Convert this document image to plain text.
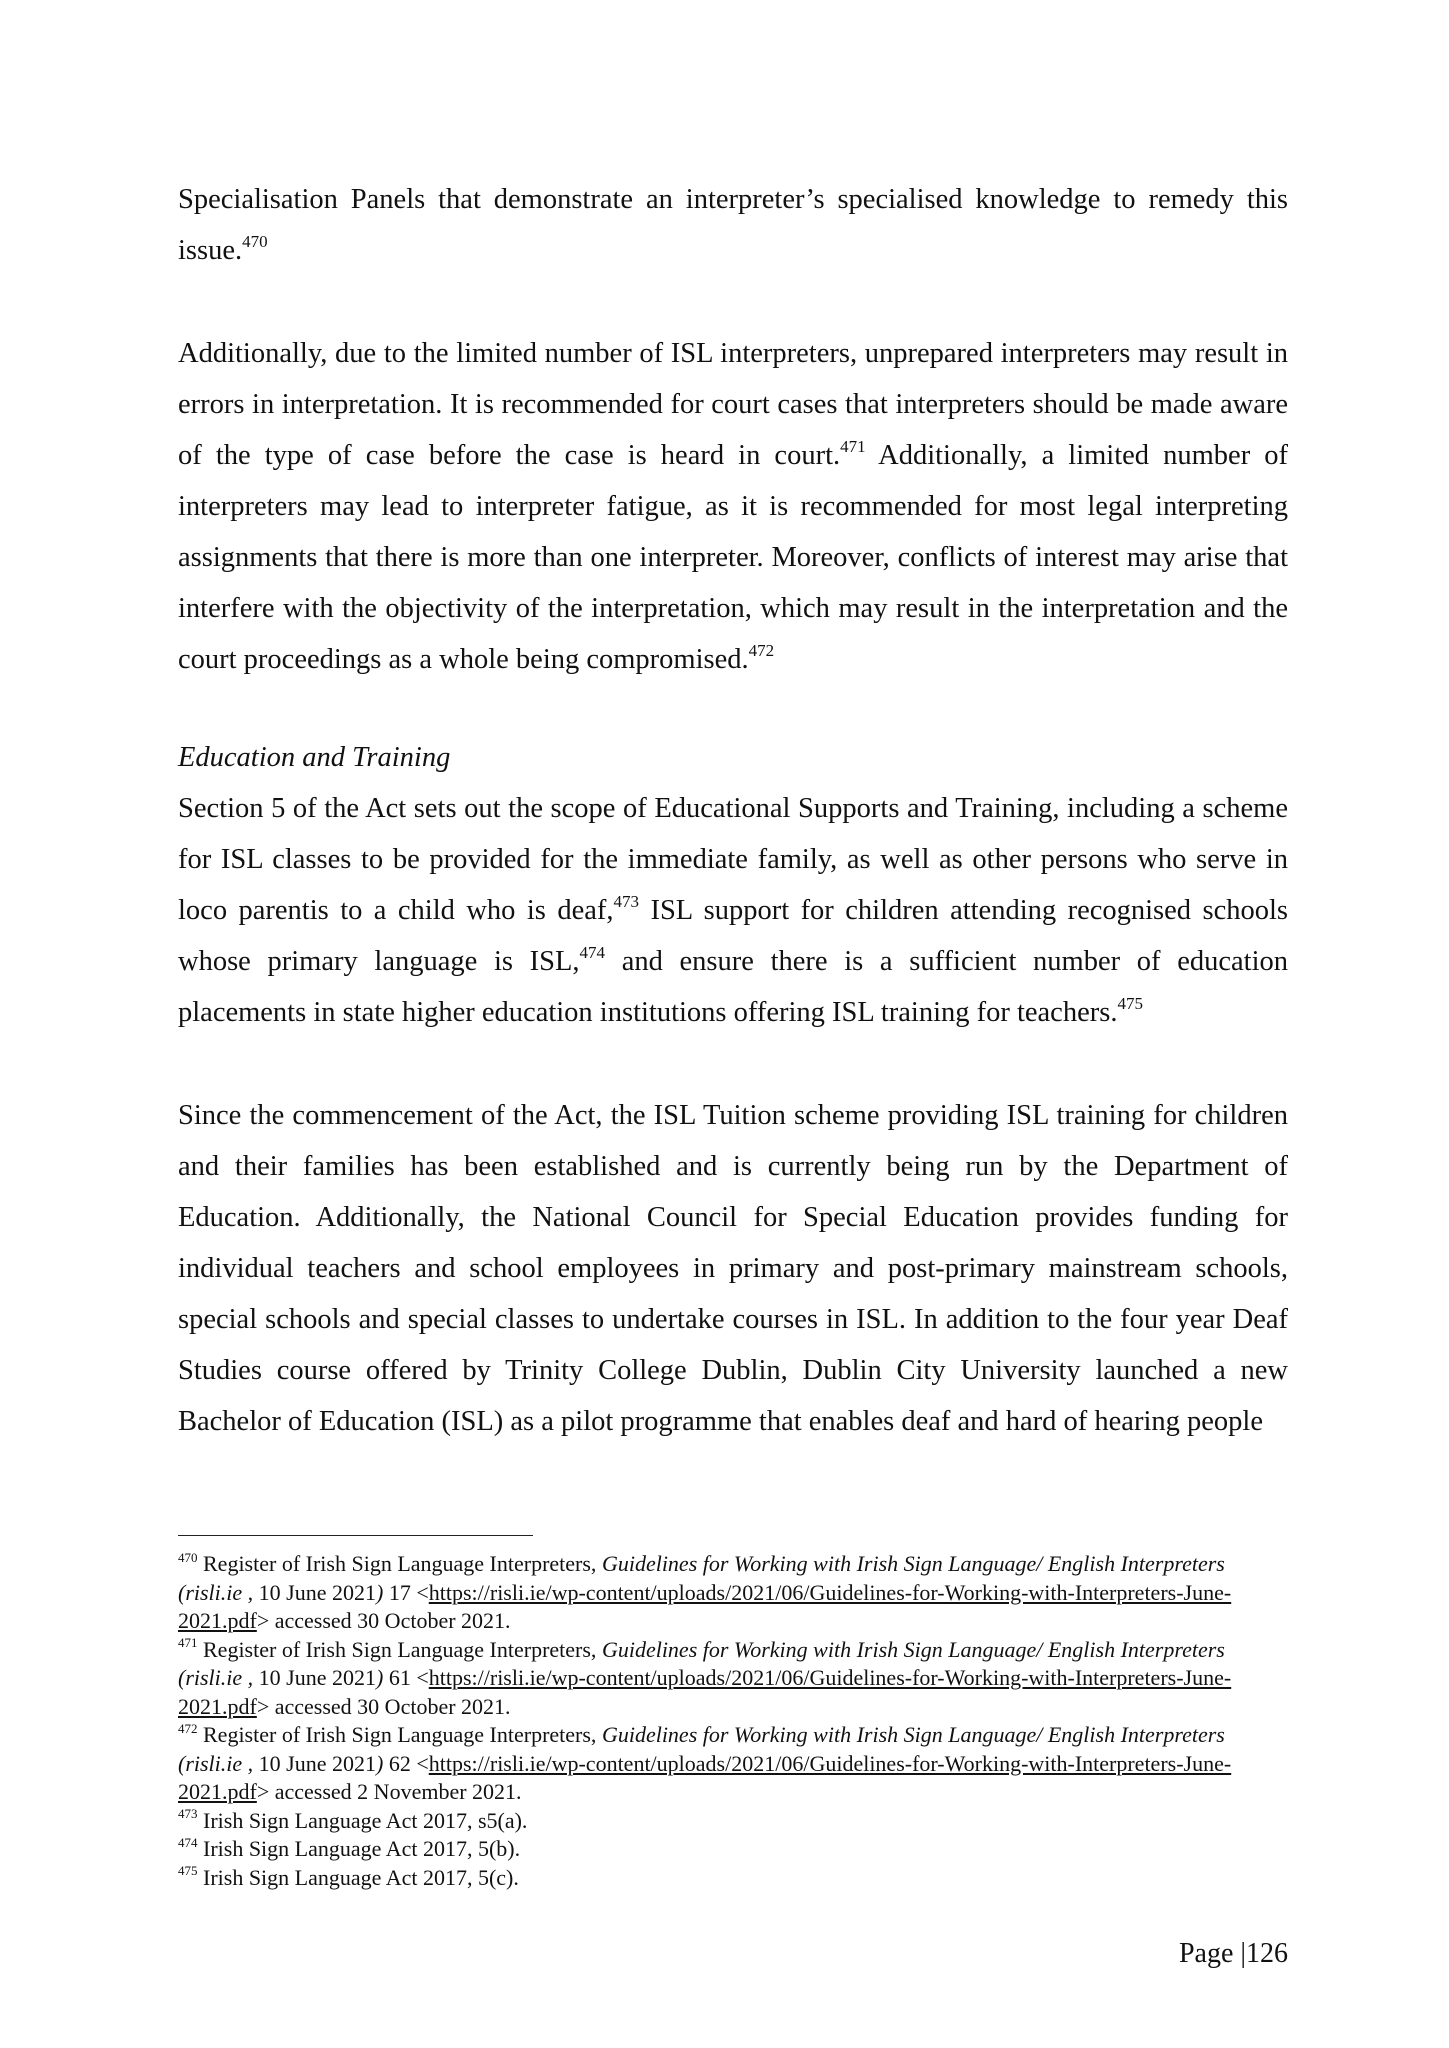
Specialisation Panels that demonstrate an interpreter’s specialised knowledge to remedy this issue.$^{470}$

Additionally, due to the limited number of ISL interpreters, unprepared interpreters may result in errors in interpretation. It is recommended for court cases that interpreters should be made aware of the type of case before the case is heard in court.$^{471}$ Additionally, a limited number of interpreters may lead to interpreter fatigue, as it is recommended for most legal interpreting assignments that there is more than one interpreter. Moreover, conflicts of interest may arise that interfere with the objectivity of the interpretation, which may result in the interpretation and the court proceedings as a whole being compromised.$^{472}$

Education and Training

Section 5 of the Act sets out the scope of Educational Supports and Training, including a scheme for ISL classes to be provided for the immediate family, as well as other persons who serve in loco parentis to a child who is deaf,$^{473}$ ISL support for children attending recognised schools whose primary language is ISL,$^{474}$ and ensure there is a sufficient number of education placements in state higher education institutions offering ISL training for teachers.$^{475}$

Since the commencement of the Act, the ISL Tuition scheme providing ISL training for children and their families has been established and is currently being run by the Department of Education. Additionally, the National Council for Special Education provides funding for individual teachers and school employees in primary and post-primary mainstream schools, special schools and special classes to undertake courses in ISL. In addition to the four year Deaf Studies course offered by Trinity College Dublin, Dublin City University launched a new Bachelor of Education (ISL) as a pilot programme that enables deaf and hard of hearing people

$^{470}$ Register of Irish Sign Language Interpreters, Guidelines for Working with Irish Sign Language/ English Interpreters (risli.ie , 10 June 2021) 17 <https://risli.ie/wp-content/uploads/2021/06/Guidelines-for-Working-with-Interpreters-June-2021.pdf> accessed 30 October 2021.

$^{471}$ Register of Irish Sign Language Interpreters, Guidelines for Working with Irish Sign Language/ English Interpreters (risli.ie , 10 June 2021) 61 <https://risli.ie/wp-content/uploads/2021/06/Guidelines-for-Working-with-Interpreters-June-2021.pdf> accessed 30 October 2021.

$^{472}$ Register of Irish Sign Language Interpreters, Guidelines for Working with Irish Sign Language/ English Interpreters (risli.ie , 10 June 2021) 62 <https://risli.ie/wp-content/uploads/2021/06/Guidelines-for-Working-with-Interpreters-June-2021.pdf> accessed 2 November 2021.

$^{473}$ Irish Sign Language Act 2017, s5(a).

$^{474}$ Irish Sign Language Act 2017, 5(b).

$^{475}$ Irish Sign Language Act 2017, 5(c).

Page |126
